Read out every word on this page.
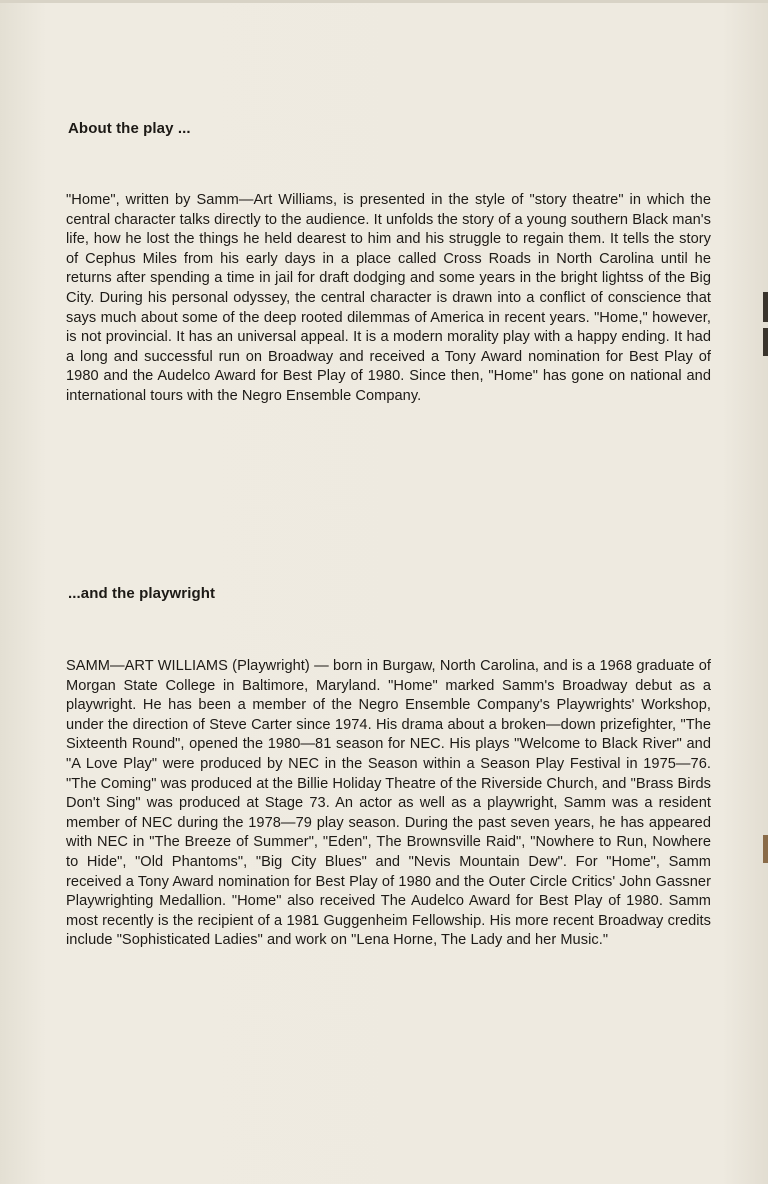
About the play ...

"Home", written by Samm—Art Williams, is presented in the style of "story theatre" in which the central character talks directly to the audience. It unfolds the story of a young southern Black man's life, how he lost the things he held dearest to him and his struggle to regain them. It tells the story of Cephus Miles from his early days in a place called Cross Roads in North Carolina until he returns after spending a time in jail for draft dodging and some years in the bright lightss of the Big City. During his personal odyssey, the central character is drawn into a conflict of conscience that says much about some of the deep rooted dilemmas of America in recent years. "Home," however, is not provincial. It has an universal appeal. It is a modern morality play with a happy ending. It had a long and successful run on Broadway and received a Tony Award nomination for Best Play of 1980 and the Audelco Award for Best Play of 1980. Since then, "Home" has gone on national and international tours with the Negro Ensemble Company.

...and the playwright

SAMM—ART WILLIAMS (Playwright) — born in Burgaw, North Carolina, and is a 1968 graduate of Morgan State College in Baltimore, Maryland. "Home" marked Samm's Broadway debut as a playwright. He has been a member of the Negro Ensemble Company's Playwrights' Workshop, under the direction of Steve Carter since 1974. His drama about a broken—down prizefighter, "The Sixteenth Round", opened the 1980—81 season for NEC. His plays "Welcome to Black River" and "A Love Play" were produced by NEC in the Season within a Season Play Festival in 1975—76. "The Coming" was produced at the Billie Holiday Theatre of the Riverside Church, and "Brass Birds Don't Sing" was produced at Stage 73. An actor as well as a playwright, Samm was a resident member of NEC during the 1978—79 play season. During the past seven years, he has appeared with NEC in "The Breeze of Summer", "Eden", The Brownsville Raid", "Nowhere to Run, Nowhere to Hide", "Old Phantoms", "Big City Blues" and "Nevis Mountain Dew". For "Home", Samm received a Tony Award nomination for Best Play of 1980 and the Outer Circle Critics' John Gassner Playwrighting Medallion. "Home" also received The Audelco Award for Best Play of 1980. Samm most recently is the recipient of a 1981 Guggenheim Fellowship. His more recent Broadway credits include "Sophisticated Ladies" and work on "Lena Horne, The Lady and her Music."
